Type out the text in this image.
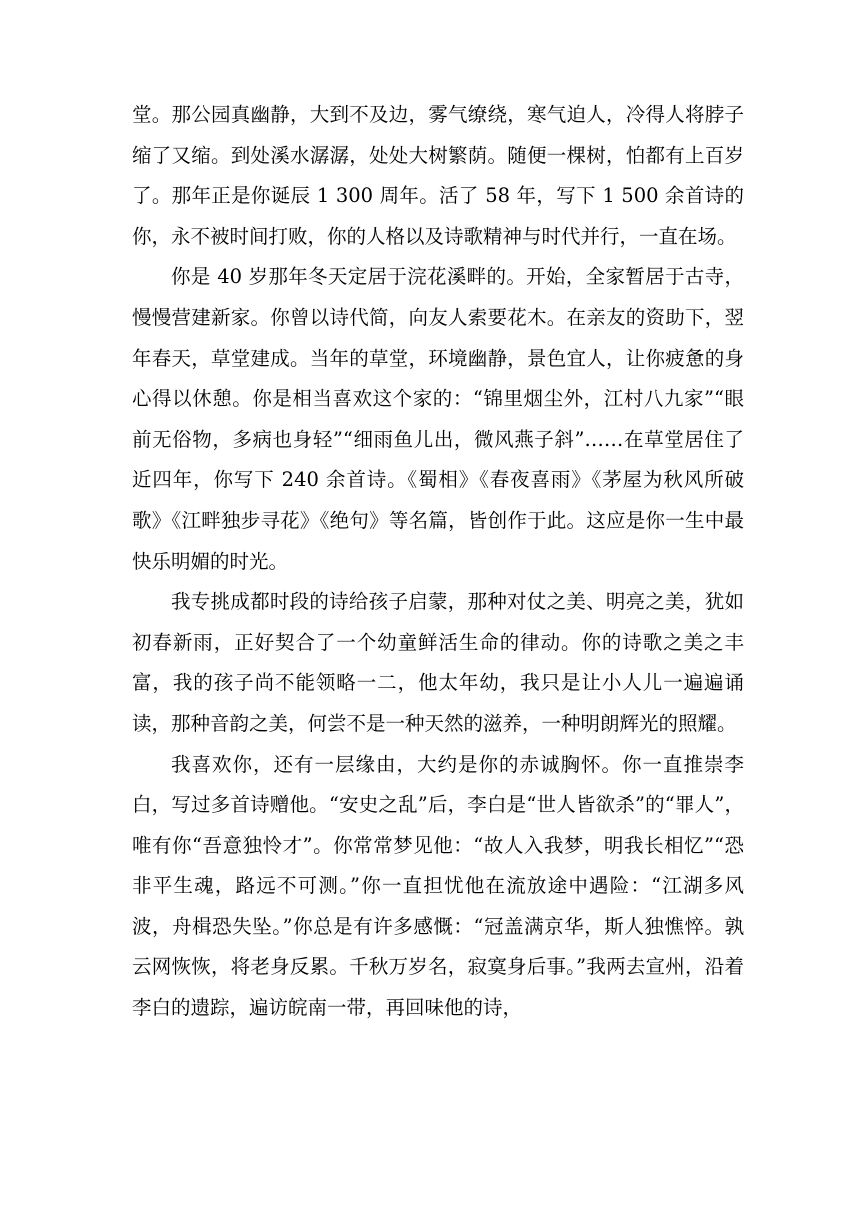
堂。那公园真幽静，大到不及边，雾气缭绕，寒气迫人，冷得人将脖子缩了又缩。到处溪水潺潺，处处大树繁荫。随便一棵树，怕都有上百岁了。那年正是你诞辰 1 300 周年。活了 58 年，写下 1 500 余首诗的你，永不被时间打败，你的人格以及诗歌精神与时代并行，一直在场。

你是 40 岁那年冬天定居于浣花溪畔的。开始，全家暂居于古寺，慢慢营建新家。你曾以诗代简，向友人索要花木。在亲友的资助下，翌年春天，草堂建成。当年的草堂，环境幽静，景色宜人，让你疲惫的身心得以休憩。你是相当喜欢这个家的：“锦里烟尘外，江村八九家”“眼前无俗物，多病也身轻”“细雨鱼儿出，微风燕子斜”……在草堂居住了近四年，你写下 240 余首诗。《蜀相》《春夜喜雨》《茅屋为秋风所破歌》《江畔独步寻花》《绝句》等名篇，皆创作于此。这应是你一生中最快乐明媚的时光。

我专挑成都时段的诗给孩子启蒙，那种对仗之美、明亮之美，犹如初春新雨，正好契合了一个幼童鲜活生命的律动。你的诗歌之美之丰富，我的孩子尚不能领略一二，他太年幼，我只是让小人儿一遍遍诵读，那种音韵之美，何尝不是一种天然的滋养，一种明朗辉光的照耀。

我喜欢你，还有一层缘由，大约是你的赤诚胸怀。你一直推崇李白，写过多首诗赠他。“安史之乱”后，李白是“世人皆欲杀”的“罪人”，唯有你“吾意独怜才”。你常常梦见他：“故人入我梦，明我长相忆”“恐非平生魂，路远不可测。”你一直担忧他在流放途中遇险：“江湖多风波，舟楫恐失坠。”你总是有许多感慨：“冠盖满京华，斯人独憔悴。孰云网恢恢，将老身反累。千秋万岁名，寂寞身后事。”我两去宣州，沿着李白的遗踪，遍访皖南一带，再回味他的诗，
